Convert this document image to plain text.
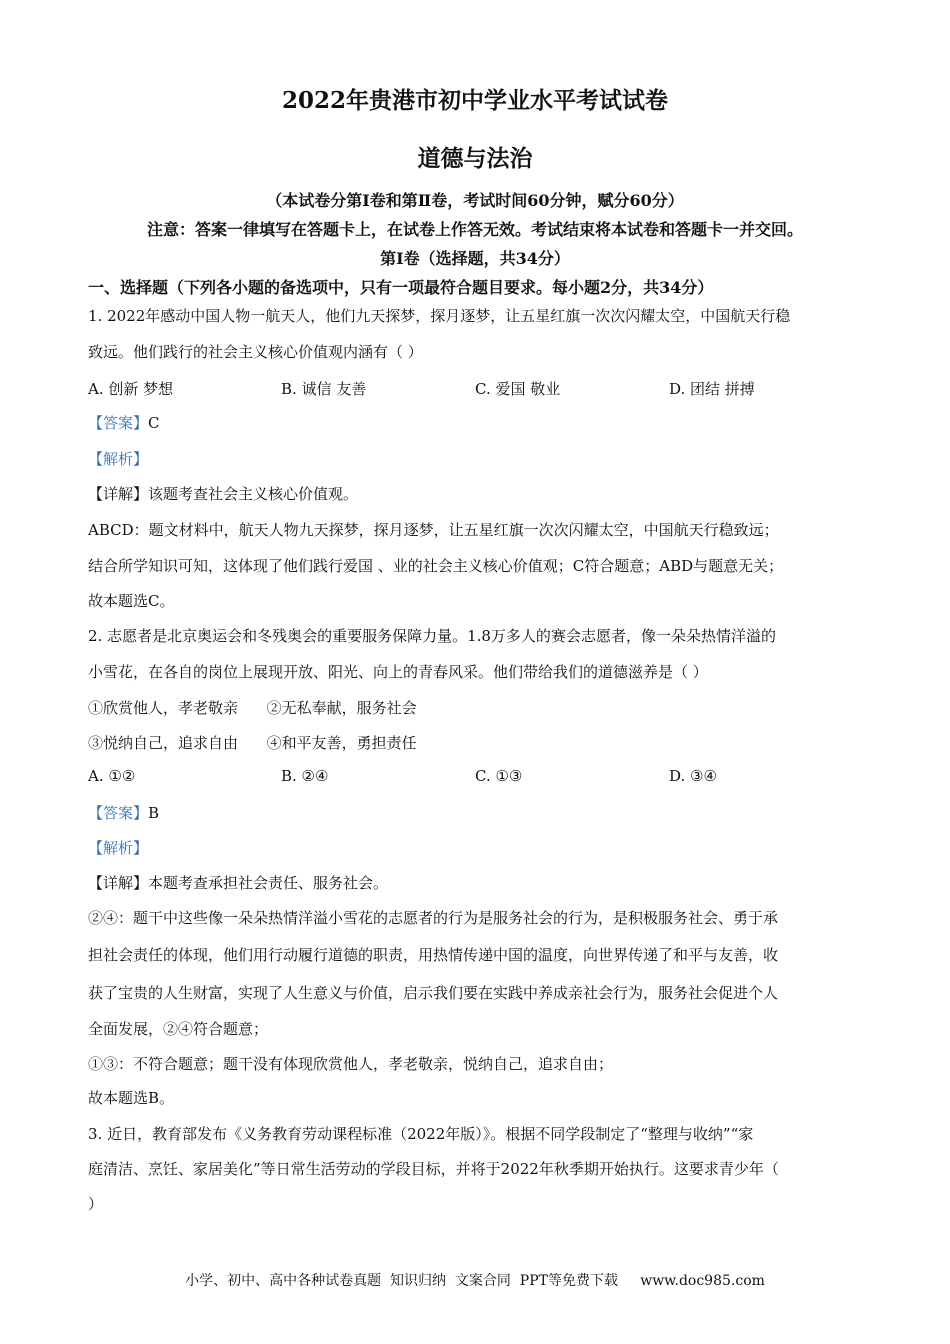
2022年贵港市初中学业水平考试试卷
道德与法治
（本试卷分第Ⅰ卷和第Ⅱ卷，考试时间60分钟，赋分60分）
注意：答案一律填写在答题卡上，在试卷上作答无效。考试结束将本试卷和答题卡一并交回。
第Ⅰ卷（选择题，共34分）
一、选择题（下列各小题的备选项中，只有一项最符合题目要求。每小题2分，共34分）
1. 2022年感动中国人物一航天人，他们九天探梦，探月逐梦，让五星红旗一次次闪耀太空，中国航天行稳
致远。他们践行的社会主义核心价值观内涵有（ ）
A. 创新 梦想	B. 诚信 友善	C. 爱国 敬业	D. 团结 拼搏
【答案】C
【解析】
【详解】该题考查社会主义核心价值观。
ABCD：题文材料中，航天人物九天探梦，探月逐梦，让五星红旗一次次闪耀太空，中国航天行稳致远；
结合所学知识可知，这体现了他们践行爱国 、业的社会主义核心价值观；C符合题意；ABD与题意无关；
故本题选C。
2. 志愿者是北京奥运会和冬残奥会的重要服务保障力量。1.8万多人的赛会志愿者，像一朵朵热情洋溢的
小雪花，在各自的岗位上展现开放、阳光、向上的青春风采。他们带给我们的道德滋养是（ ）
①欣赏他人，孝老敬亲      ②无私奉献，服务社会
③悦纳自己，追求自由      ④和平友善，勇担责任
A. ①②	B. ②④	C. ①③	D. ③④
【答案】B
【解析】
【详解】本题考查承担社会责任、服务社会。
②④：题干中这些像一朵朵热情洋溢小雪花的志愿者的行为是服务社会的行为，是积极服务社会、勇于承
担社会责任的体现，他们用行动履行道德的职责，用热情传递中国的温度，向世界传递了和平与友善，收
获了宝贵的人生财富，实现了人生意义与价值，启示我们要在实践中养成亲社会行为，服务社会促进个人
全面发展，②④符合题意；
①③：不符合题意；题干没有体现欣赏他人，孝老敬亲，悦纳自己，追求自由；
故本题选B。
3. 近日，教育部发布《义务教育劳动课程标准（2022年版）》。根据不同学段制定了“整理与收纳”“家
庭清洁、烹饪、家居美化”等日常生活劳动的学段目标，并将于2022年秋季期开始执行。这要求青少年（
）
小学、初中、高中各种试卷真题  知识归纳  文案合同  PPT等免费下载     www.doc985.com
